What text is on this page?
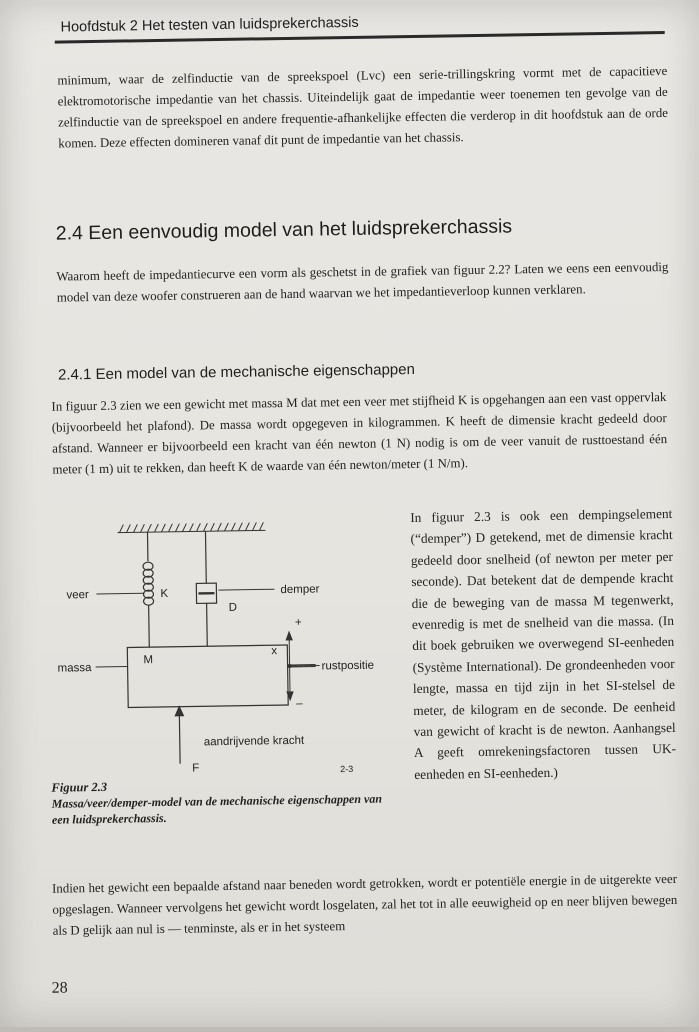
Hoofdstuk 2 Het testen van luidsprekerchassis
minimum, waar de zelfinductie van de spreekspoel (Lvc) een serie-trillingskring vormt met de capacitieve elektromotorische impedantie van het chassis. Uiteindelijk gaat de impedantie weer toenemen ten gevolge van de zelfinductie van de spreekspoel en andere frequentie-afhankelijke effecten die verderop in dit hoofdstuk aan de orde komen. Deze effecten domineren vanaf dit punt de impedantie van het chassis.
2.4 Een eenvoudig model van het luidsprekerchassis
Waarom heeft de impedantiecurve een vorm als geschetst in de grafiek van figuur 2.2? Laten we eens een eenvoudig model van deze woofer construeren aan de hand waarvan we het impedantieverloop kunnen verklaren.
2.4.1 Een model van de mechanische eigenschappen
In figuur 2.3 zien we een gewicht met massa M dat met een veer met stijfheid K is opgehangen aan een vast oppervlak (bijvoorbeeld het plafond). De massa wordt opgegeven in kilogrammen. K heeft de dimensie kracht gedeeld door afstand. Wanneer er bijvoorbeeld een kracht van één newton (1 N) nodig is om de veer vanuit de rusttoestand één meter (1 m) uit te rekken, dan heeft K de waarde van één newton/meter (1 N/m).
veer	K	demper
D
+
x
M
massa	rustpositie
–
aandrijvende kracht
F	2-3
Figuur 2.3
Massa/veer/demper-model van de mechanische eigenschappen van een luidsprekerchassis.
In figuur 2.3 is ook een dempingselement (“demper”) D getekend, met de dimensie kracht gedeeld door snelheid (of newton per meter per seconde). Dat betekent dat de dempende kracht die de beweging van de massa M tegenwerkt, evenredig is met de snelheid van die massa. (In dit boek gebruiken we overwegend SI-eenheden (Système International). De grondeenheden voor lengte, massa en tijd zijn in het SI-stelsel de meter, de kilogram en de seconde. De eenheid van gewicht of kracht is de newton. Aanhangsel A geeft omrekeningsfactoren tussen UK-eenheden en SI-eenheden.)
Indien het gewicht een bepaalde afstand naar beneden wordt getrokken, wordt er potentiële energie in de uitgerekte veer opgeslagen. Wanneer vervolgens het gewicht wordt losgelaten, zal het tot in alle eeuwigheid op en neer blijven bewegen als D gelijk aan nul is — tenminste, als er in het systeem
28
